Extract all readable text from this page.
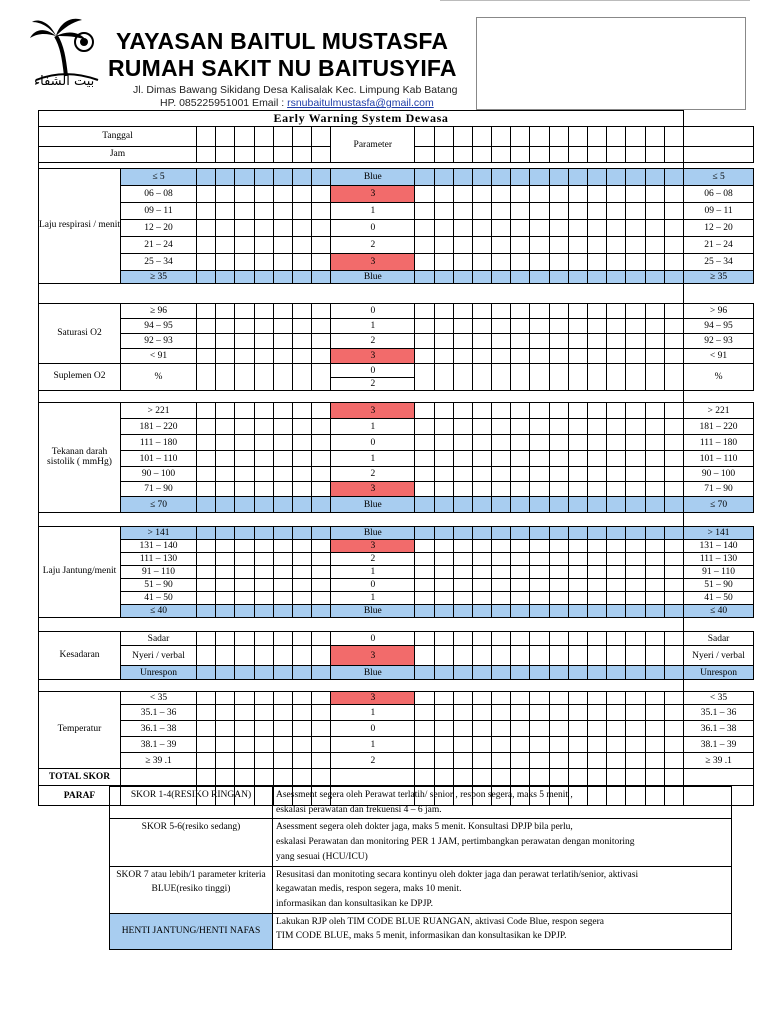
بيت الشفاء
YAYASAN BAITUL MUSTASFA
RUMAH SAKIT NU BAITUSYIFA
Jl. Dimas Bawang Sikidang Desa Kalisalak Kec. Limpung Kab Batang
HP. 085225951001 Email : rsnubaitulmustasfa@gmail.com
Early Warning System Dewasa																								
Tanggal									Parameter															
Jam																								

Laju respirasi / menit	≤ 5								Blue															≤ 5
	06 – 08								3															06 – 08
	09 – 11								1															09 – 11
	12 – 20								0															12 – 20
	21 – 24								2															21 – 24
	25 – 34								3															25 – 34
	≥ 35								Blue															≥ 35

Saturasi O2	≥ 96								0															> 96
	94 – 95								1															94 – 95
	92 – 93								2															92 – 93
	< 91								3															< 91
Suplemen O2	%								0															%
									2															

Tekanan darah sistolik ( mmHg)	> 221								3															> 221
	181 – 220								1															181 – 220
	111 – 180								0															111 – 180
	101 – 110								1															101 – 110
	90 – 100								2															90 – 100
	71 – 90								3															71 – 90
	≤ 70								Blue															≤ 70

Laju Jantung/menit	> 141								Blue															> 141
	131 – 140								3															131 – 140
	111 – 130								2															111 – 130
	91 – 110								1															91 – 110
	51 – 90								0															51 – 90
	41 – 50								1															41 – 50
	≤ 40								Blue															≤ 40

Kesadaran	Sadar								0															Sadar
	Nyeri / verbal								3															Nyeri / verbal
	Unrespon								Blue															Unrespon

Temperatur	< 35								3															< 35
	35.1 – 36								1															35.1 – 36
	36.1 – 38								0															36.1 – 38
	38.1 – 39								1															38.1 – 39
	≥ 39 .1								2															≥ 39 .1
TOTAL SKOR																								
PARAF																									SKOR 1-4(RESIKO RINGAN)	Asessment segera oleh Perawat terlatih/ senior , respon segera, maks 5 menit ,
eskalasi perawatan dan frekuensi 4 – 6 jam.

SKOR 5-6(resiko sedang)	Asessment segera oleh dokter jaga, maks 5 menit. Konsultasi DPJP bila perlu,
eskalasi Perawatan dan monitoring PER 1 JAM, pertimbangkan perawatan dengan monitoring
yang sesuai (HCU/ICU)

SKOR 7 atau lebih/1 parameter kriteria BLUE(resiko tinggi)	Resusitasi dan monitoting secara kontinyu oleh dokter jaga dan perawat terlatih/senior, aktivasi
kegawatan medis, respon segera, maks 10 menit.
informasikan dan konsultasikan ke DPJP.

HENTI JANTUNG/HENTI NAFAS	Lakukan RJP oleh TIM CODE BLUE RUANGAN, aktivasi Code Blue, respon segera
TIM CODE BLUE, maks 5 menit, informasikan dan konsultasikan ke DPJP.
